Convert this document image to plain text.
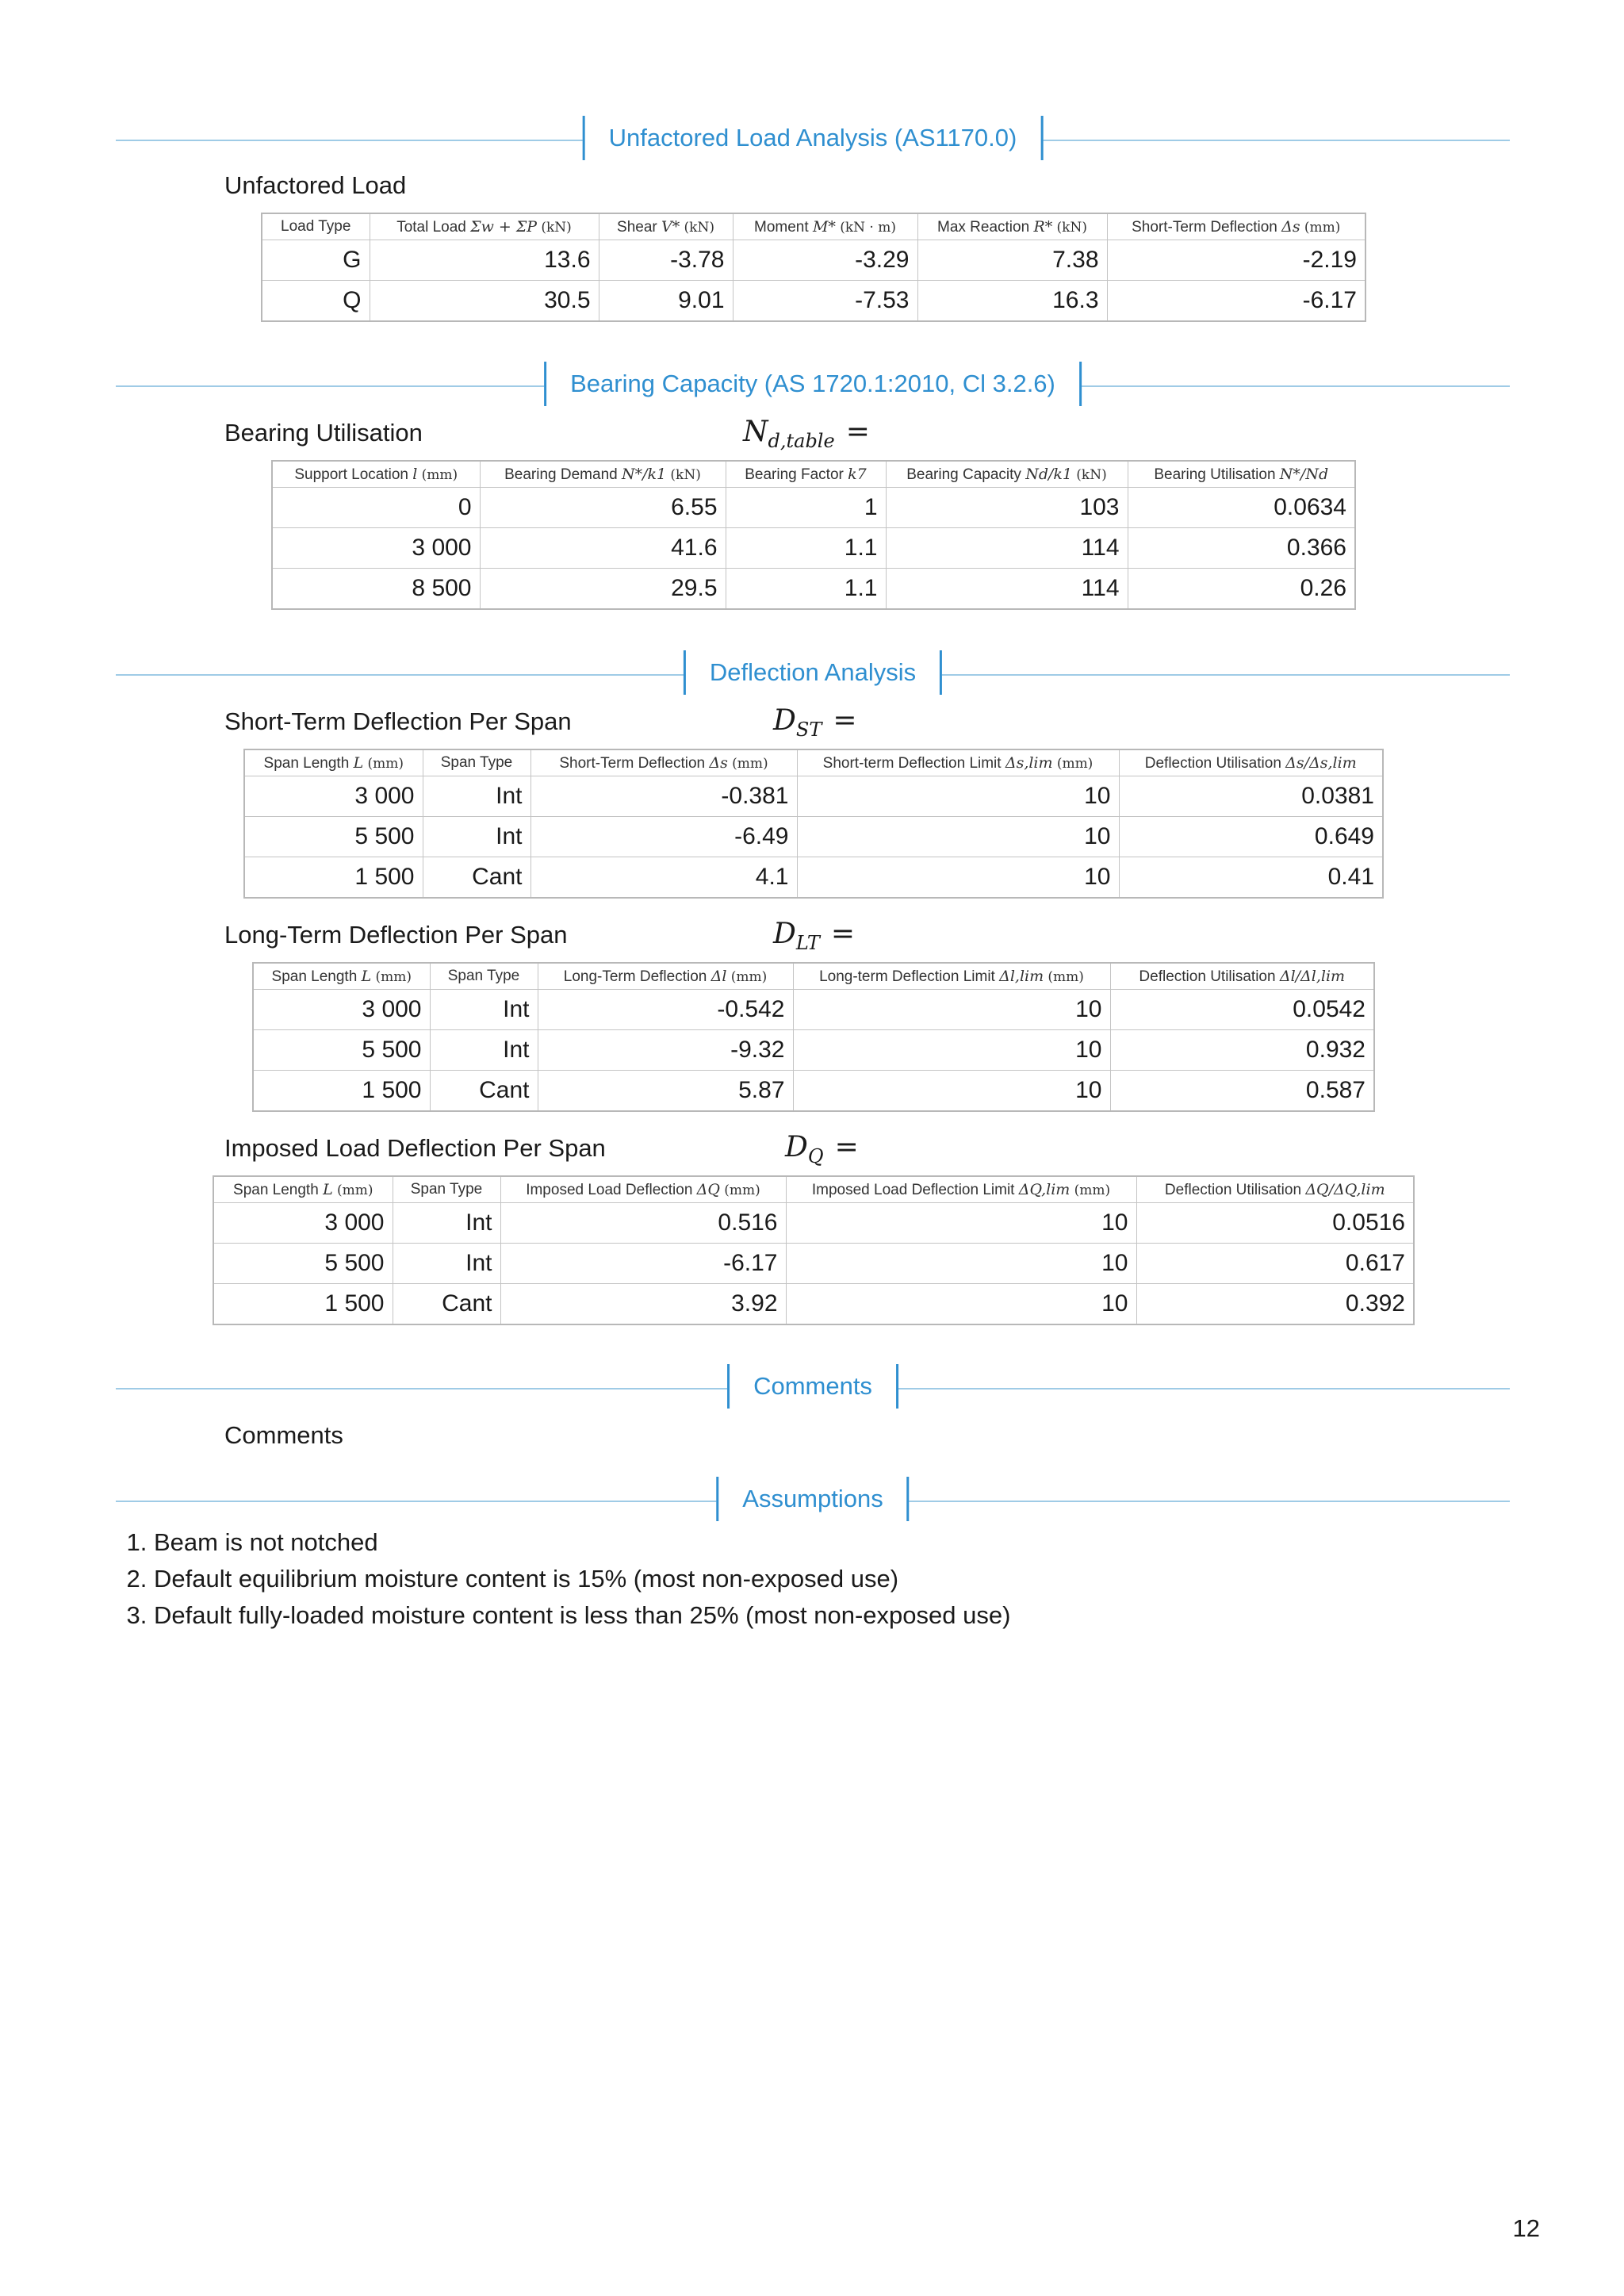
Unfactored Load Analysis (AS1170.0)
Unfactored Load
Load Type	Total Load Σw + ΣP (kN)	Shear V* (kN)	Moment M* (kN · m)	Max Reaction R* (kN)	Short-Term Deflection Δs (mm)
G	13.6	-3.78	-3.29	7.38	-2.19
Q	30.5	9.01	-7.53	16.3	-6.17
Bearing Capacity (AS 1720.1:2010, Cl 3.2.6)
Bearing Utilisation	$N_{d,table}$ =
Support Location l (mm)	Bearing Demand N*/k1 (kN)	Bearing Factor k7	Bearing Capacity Nd/k1 (kN)	Bearing Utilisation N*/Nd
0	6.55	1	103	0.0634
3 000	41.6	1.1	114	0.366
8 500	29.5	1.1	114	0.26
Deflection Analysis
Short-Term Deflection Per Span	$D_{ST}$ =
Span Length L (mm)	Span Type	Short-Term Deflection Δs (mm)	Short-term Deflection Limit Δs,lim (mm)	Deflection Utilisation Δs/Δs,lim
3 000	Int	-0.381	10	0.0381
5 500	Int	-6.49	10	0.649
1 500	Cant	4.1	10	0.41
Long-Term Deflection Per Span	$D_{LT}$ =
Span Length L (mm)	Span Type	Long-Term Deflection Δl (mm)	Long-term Deflection Limit Δl,lim (mm)	Deflection Utilisation Δl/Δl,lim
3 000	Int	-0.542	10	0.0542
5 500	Int	-9.32	10	0.932
1 500	Cant	5.87	10	0.587
Imposed Load Deflection Per Span	$D_Q$ =
Span Length L (mm)	Span Type	Imposed Load Deflection ΔQ (mm)	Imposed Load Deflection Limit ΔQ,lim (mm)	Deflection Utilisation ΔQ/ΔQ,lim
3 000	Int	0.516	10	0.0516
5 500	Int	-6.17	10	0.617
1 500	Cant	3.92	10	0.392
Comments
Comments
Assumptions
1. Beam is not notched
2. Default equilibrium moisture content is 15% (most non-exposed use)
3. Default fully-loaded moisture content is less than 25% (most non-exposed use)
12
